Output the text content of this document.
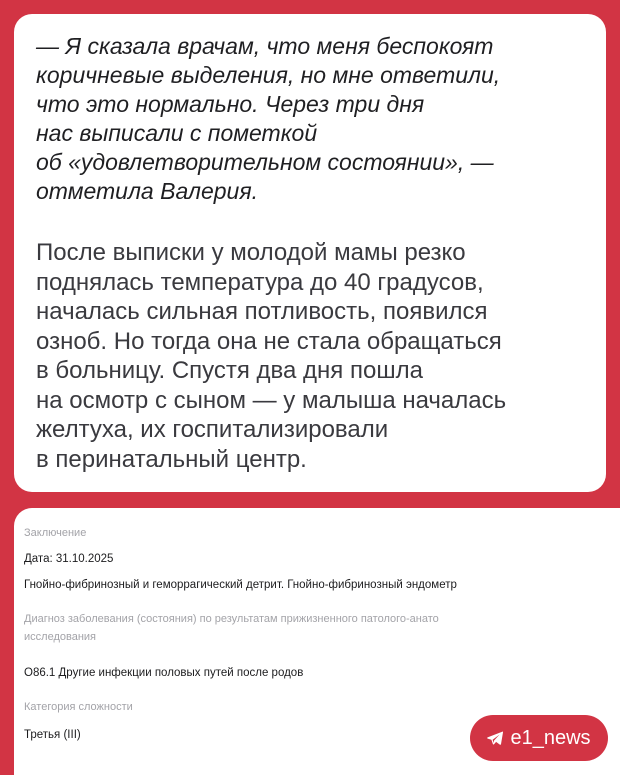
— Я сказала врачам, что меня беспокоят
коричневые выделения, но мне ответили,
что это нормально. Через три дня
нас выписали с пометкой
об «удовлетворительном состоянии», —
отметила Валерия.

После выписки у молодой мамы резко
поднялась температура до 40 градусов,
началась сильная потливость, появился
озноб. Но тогда она не стала обращаться
в больницу. Спустя два дня пошла
на осмотр с сыном — у малыша началась
желтуха, их госпитализировали
в перинатальный центр.

Заключение
Дата: 31.10.2025
Гнойно-фибринозный и геморрагический детрит. Гнойно-фибринозный эндометр
Диагноз заболевания (состояния) по результатам прижизненного патолого-анато
исследования
O86.1 Другие инфекции половых путей после родов
Категория сложности
Третья (III)	e1_news
